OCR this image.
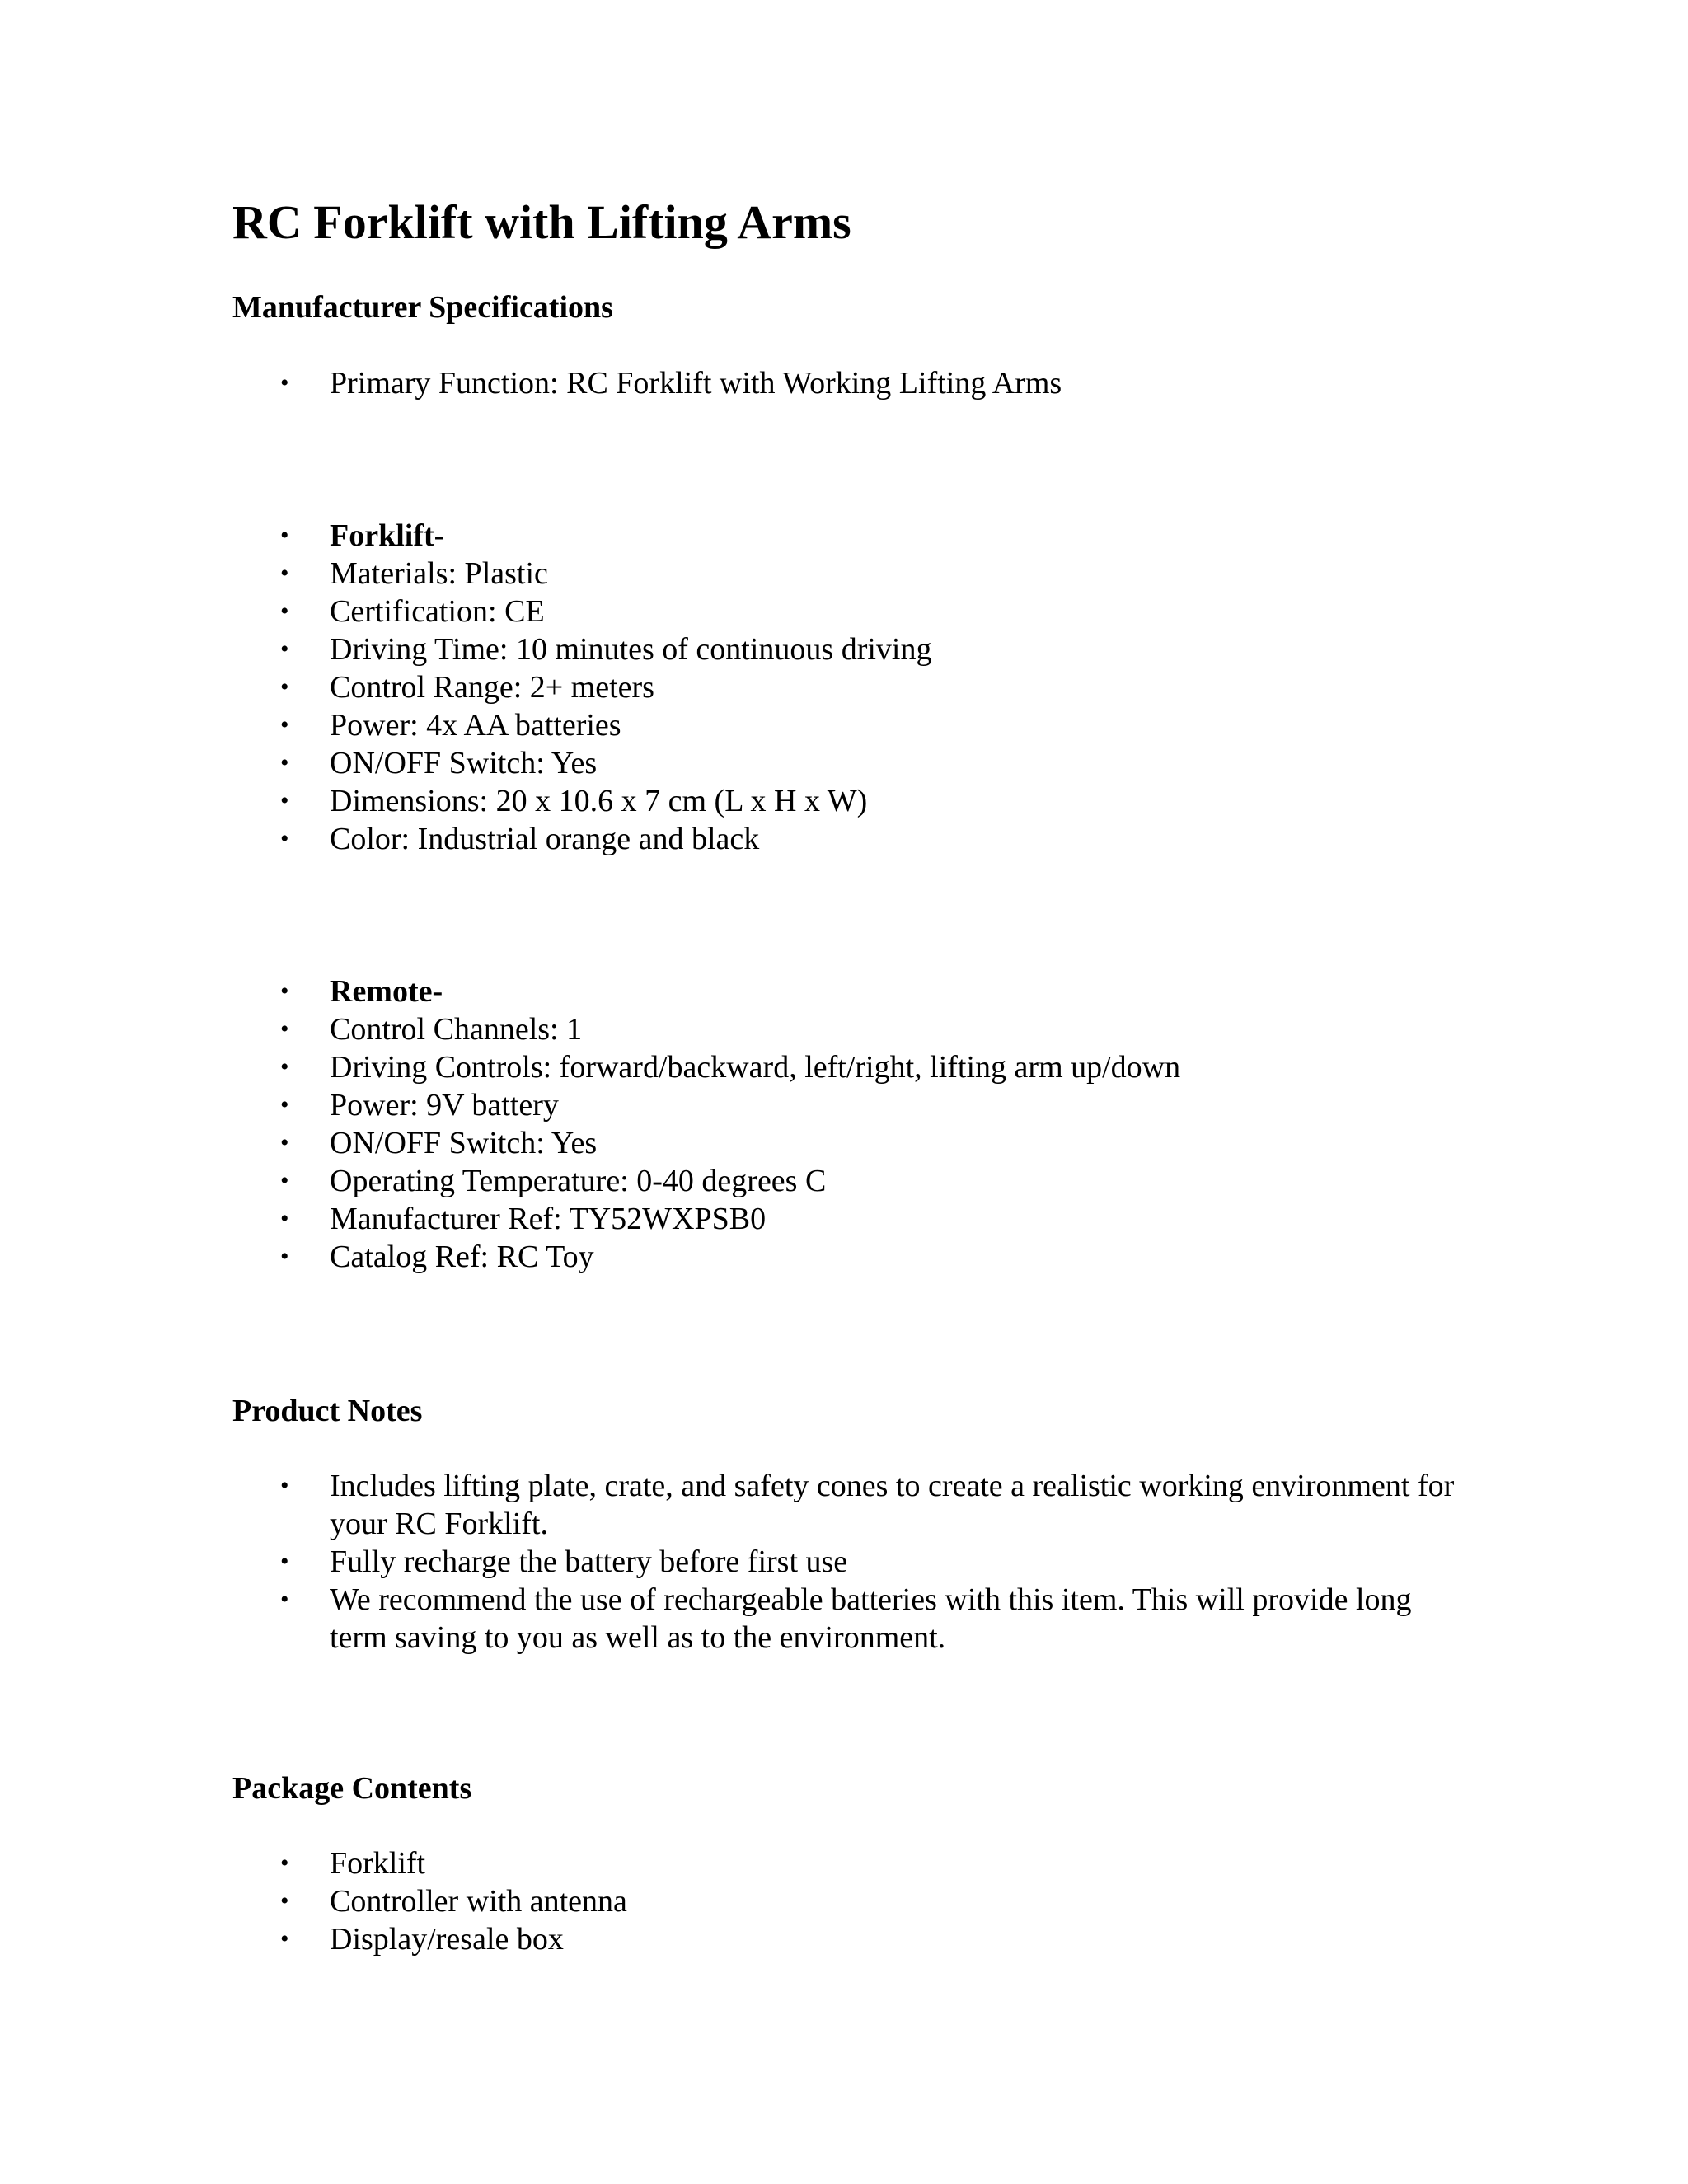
RC Forklift with Lifting Arms
Manufacturer Specifications
• Primary Function: RC Forklift with Working Lifting Arms
• Forklift-
• Materials: Plastic
• Certification: CE
• Driving Time: 10 minutes of continuous driving
• Control Range: 2+ meters
• Power: 4x AA batteries
• ON/OFF Switch: Yes
• Dimensions: 20 x 10.6 x 7 cm (L x H x W)
• Color: Industrial orange and black
• Remote-
• Control Channels: 1
• Driving Controls: forward/backward, left/right, lifting arm up/down
• Power: 9V battery
• ON/OFF Switch: Yes
• Operating Temperature: 0-40 degrees C
• Manufacturer Ref: TY52WXPSB0
• Catalog Ref: RC Toy
Product Notes
• Includes lifting plate, crate, and safety cones to create a realistic working environment for your RC Forklift.
• Fully recharge the battery before first use
• We recommend the use of rechargeable batteries with this item. This will provide long term saving to you as well as to the environment.
Package Contents
• Forklift
• Controller with antenna
• Display/resale box
